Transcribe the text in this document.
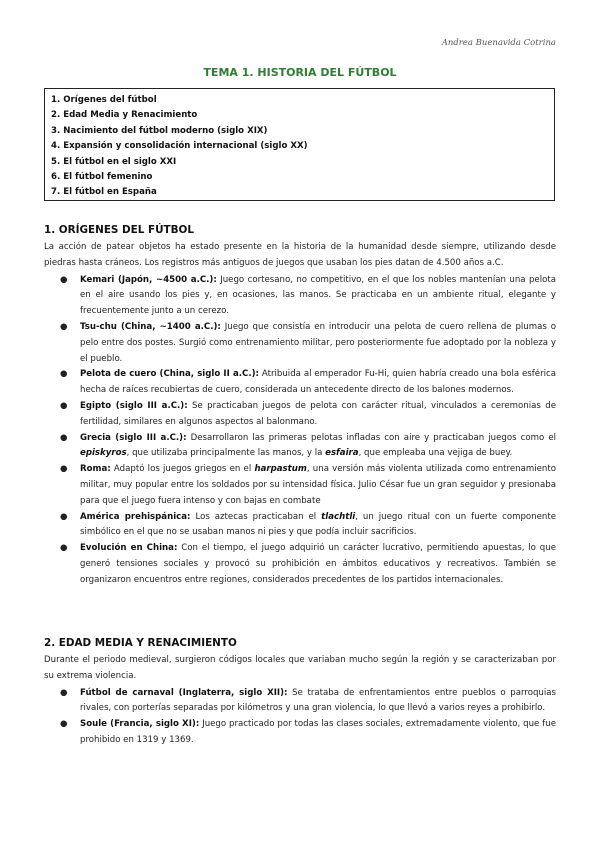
Andrea Buenavida Cotrina
TEMA 1. HISTORIA DEL FÚTBOL
1. Orígenes del fútbol
2. Edad Media y Renacimiento
3. Nacimiento del fútbol moderno (siglo XIX)
4. Expansión y consolidación internacional (siglo XX)
5. El fútbol en el siglo XXI
6. El fútbol femenino
7. El fútbol en España
1. ORÍGENES DEL FÚTBOL

La acción de patear objetos ha estado presente en la historia de la humanidad desde siempre, utilizando desde piedras hasta cráneos. Los registros más antiguos de juegos que usaban los pies datan de 4.500 años a.C.

● Kemari (Japón, ~4500 a.C.): Juego cortesano, no competitivo, en el que los nobles mantenían una pelota en el aire usando los pies y, en ocasiones, las manos. Se practicaba en un ambiente ritual, elegante y frecuentemente junto a un cerezo.
● Tsu-chu (China, ~1400 a.C.): Juego que consistía en introducir una pelota de cuero rellena de plumas o pelo entre dos postes. Surgió como entrenamiento militar, pero posteriormente fue adoptado por la nobleza y el pueblo.
● Pelota de cuero (China, siglo II a.C.): Atribuida al emperador Fu-Hi, quien habría creado una bola esférica hecha de raíces recubiertas de cuero, considerada un antecedente directo de los balones modernos.
● Egipto (siglo III a.C.): Se practicaban juegos de pelota con carácter ritual, vinculados a ceremonias de fertilidad, similares en algunos aspectos al balonmano.
● Grecia (siglo III a.C.): Desarrollaron las primeras pelotas infladas con aire y practicaban juegos como el episkyros, que utilizaba principalmente las manos, y la esfaira, que empleaba una vejiga de buey.
● Roma: Adaptó los juegos griegos en el harpastum, una versión más violenta utilizada como entrenamiento militar, muy popular entre los soldados por su intensidad física. Julio César fue un gran seguidor y presionaba para que el juego fuera intenso y con bajas en combate
● América prehispánica: Los aztecas practicaban el tlachtli, un juego ritual con un fuerte componente simbólico en el que no se usaban manos ni pies y que podía incluir sacrificios.
● Evolución en China: Con el tiempo, el juego adquirió un carácter lucrativo, permitiendo apuestas, lo que generó tensiones sociales y provocó su prohibición en ámbitos educativos y recreativos. También se organizaron encuentros entre regiones, considerados precedentes de los partidos internacionales.
2. EDAD MEDIA Y RENACIMIENTO

Durante el periodo medieval, surgieron códigos locales que variaban mucho según la región y se caracterizaban por su extrema violencia.

● Fútbol de carnaval (Inglaterra, siglo XII): Se trataba de enfrentamientos entre pueblos o parroquias rivales, con porterías separadas por kilómetros y una gran violencia, lo que llevó a varios reyes a prohibirlo.
● Soule (Francia, siglo XI): Juego practicado por todas las clases sociales, extremadamente violento, que fue prohibido en 1319 y 1369.
